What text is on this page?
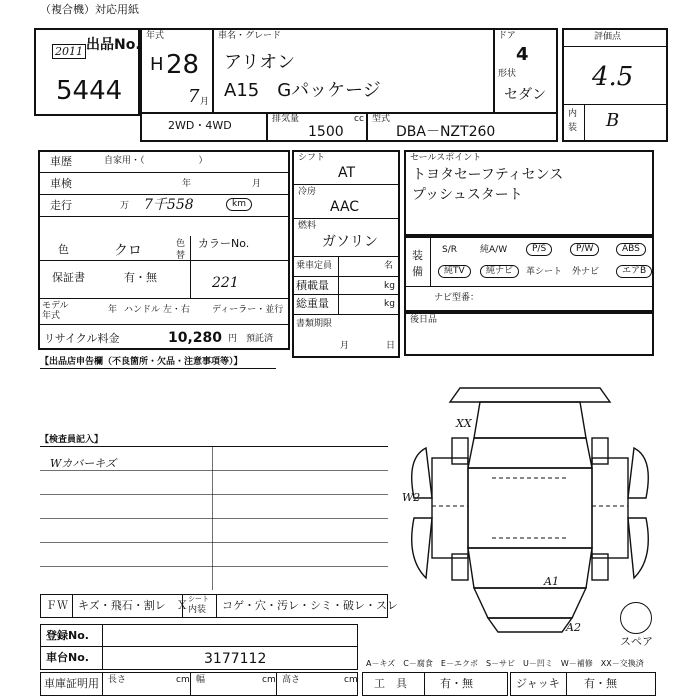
（複合機）対応用紙
出品No.
2011
5444
年式
H 28
7 月
車名・グレード
アリオン
A15　Gパッケージ
ドア
4
形状
セダン
2WD・4WD	排気量	cc
1500
型式
DBA－NZT260
評価点
4.5
内
装 B
車歴	自家用・（　　　　　　）
車検	年	月
走行	万 7千558	km
色	クロ	色
替
カラーNo.
221
保証書	有・無
モデル
年式
年 ハンドル 左・右 ディーラー・並行
リサイクル料金	10,280 円 預託済
シフト
AT
冷房
AAC
燃料
ガソリン
乗車定員	名
積載量	kg
総重量	kg
書類期限
月	日
セールスポイント
トヨタセーフティセンス
プッシュスタート
装
備
S/R	純A/W	P/S	P/W	ABS
純TV	純ナビ	革シート 外ナビ	エアB
ナビ型番：
後日品
【出品店申告欄（不良箇所・欠品・注意事項等）】
【検査員記入】
Wカバーキズ
XX
W2
A1
A2
スペア
ＦＷ キズ・飛石・割レ　Ｘ シート
内装 コゲ・穴・汚レ・シミ・破レ・スレ
登録No.
車台No.	3177112
車庫証明用 長さ	cm 幅	cm 高さ	cm
A－キズ　C－腐食　E－エクボ　S－サビ　U－凹ミ　W－補修　XX－交換済
工　具	有・無	ジャッキ 有・無
